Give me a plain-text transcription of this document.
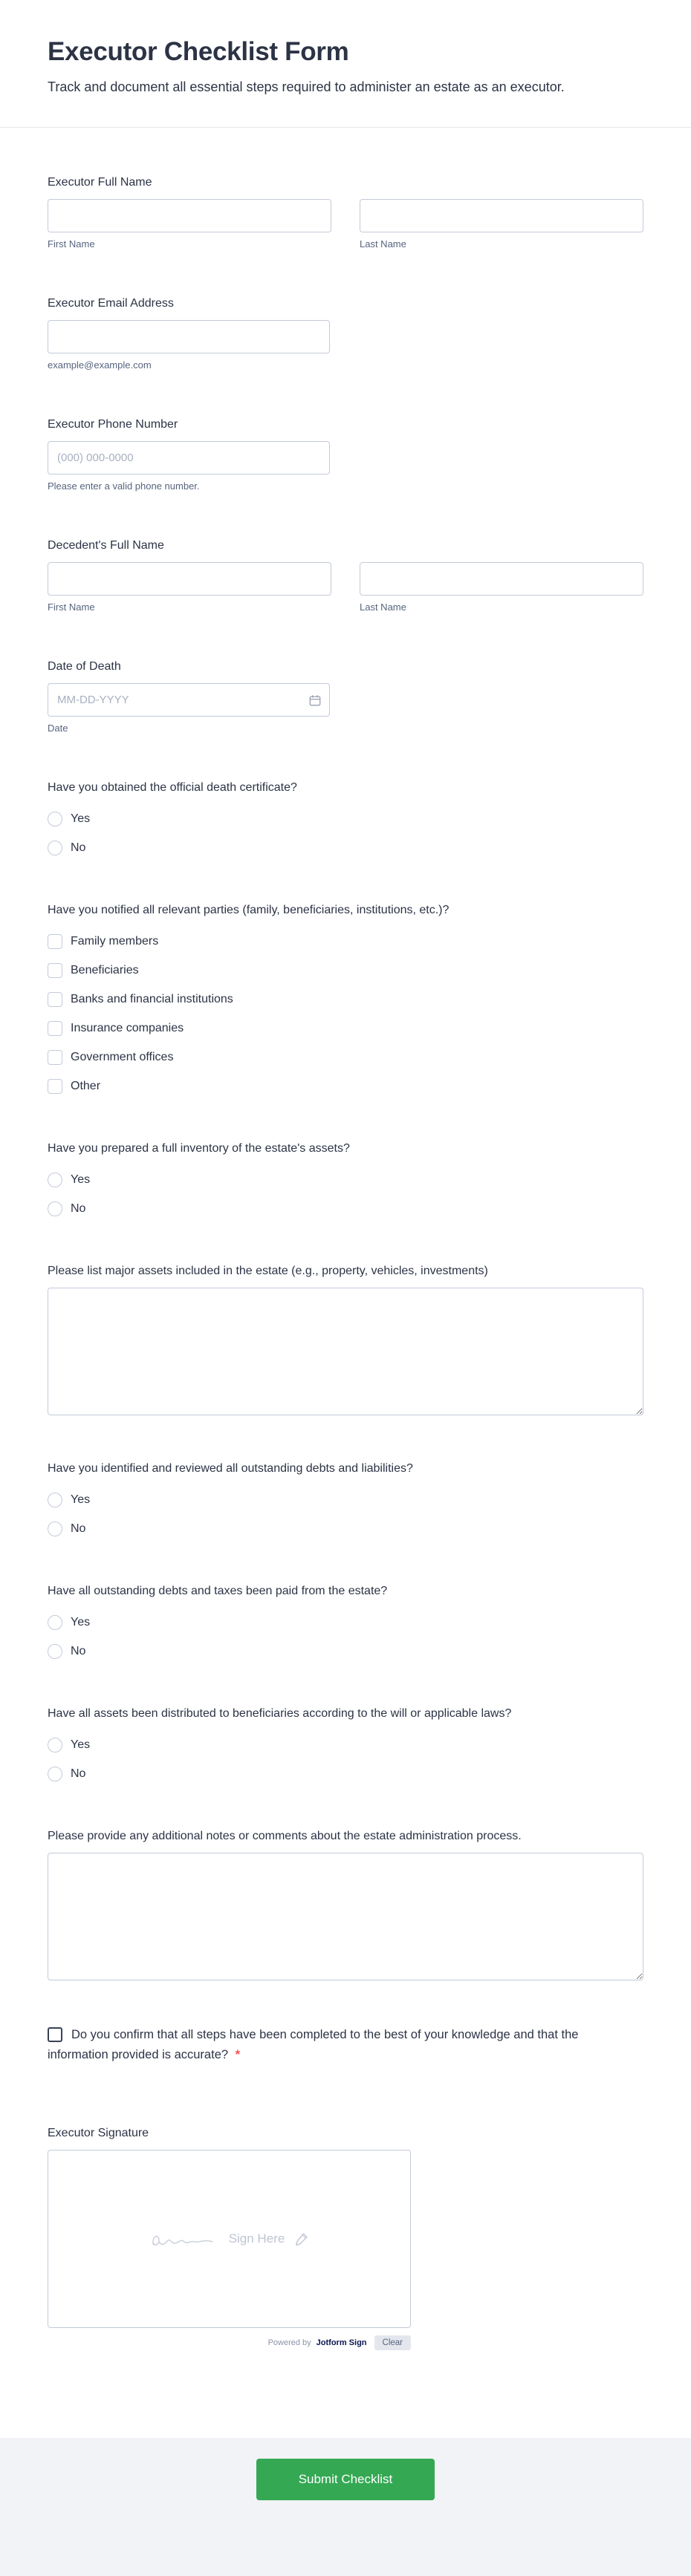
Executor Checklist Form

Track and document all essential steps required to administer an estate as an executor.

Executor Full Name

First Name	Last Name

Executor Email Address

example@example.com

Executor Phone Number

(000) 000-0000
Please enter a valid phone number.

Decedent's Full Name

First Name	Last Name

Date of Death

MM-DD-YYYY
Date

Have you obtained the official death certificate?

Yes
No

Have you notified all relevant parties (family, beneficiaries, institutions, etc.)?

Family members
Beneficiaries
Banks and financial institutions
Insurance companies
Government offices
Other

Have you prepared a full inventory of the estate's assets?

Yes
No

Please list major assets included in the estate (e.g., property, vehicles, investments)

Have you identified and reviewed all outstanding debts and liabilities?

Yes
No

Have all outstanding debts and taxes been paid from the estate?

Yes
No

Have all assets been distributed to beneficiaries according to the will or applicable laws?

Yes
No

Please provide any additional notes or comments about the estate administration process.

Do you confirm that all steps have been completed to the best of your knowledge and that the information provided is accurate? *

Executor Signature

Sign Here
Powered by Jotform Sign	Clear
Submit Checklist
